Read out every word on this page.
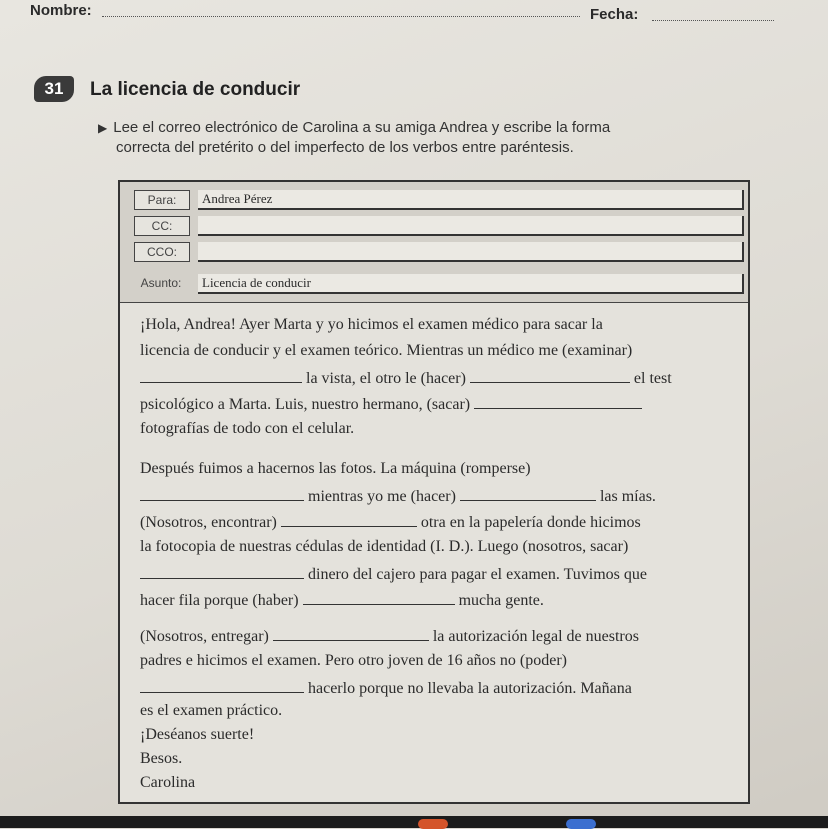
Nombre:	Fecha:
31	La licencia de conducir
▶ Lee el correo electrónico de Carolina a su amiga Andrea y escribe la forma
correcta del pretérito o del imperfecto de los verbos entre paréntesis.
Para:	Andrea Pérez
CC:
CCO:
Asunto:	Licencia de conducir
¡Hola, Andrea! Ayer Marta y yo hicimos el examen médico para sacar la
licencia de conducir y el examen teórico. Mientras un médico me (examinar)
la vista, el otro le (hacer)	el test
psicológico a Marta. Luis, nuestro hermano, (sacar)
fotografías de todo con el celular.
Después fuimos a hacernos las fotos. La máquina (romperse)
mientras yo me (hacer)	las mías.
(Nosotros, encontrar)	otra en la papelería donde hicimos
la fotocopia de nuestras cédulas de identidad (I. D.). Luego (nosotros, sacar)
dinero del cajero para pagar el examen. Tuvimos que
hacer fila porque (haber)	mucha gente.
(Nosotros, entregar)	la autorización legal de nuestros
padres e hicimos el examen. Pero otro joven de 16 años no (poder)
hacerlo porque no llevaba la autorización. Mañana
es el examen práctico.
¡Deséanos suerte!
Besos.
Carolina
